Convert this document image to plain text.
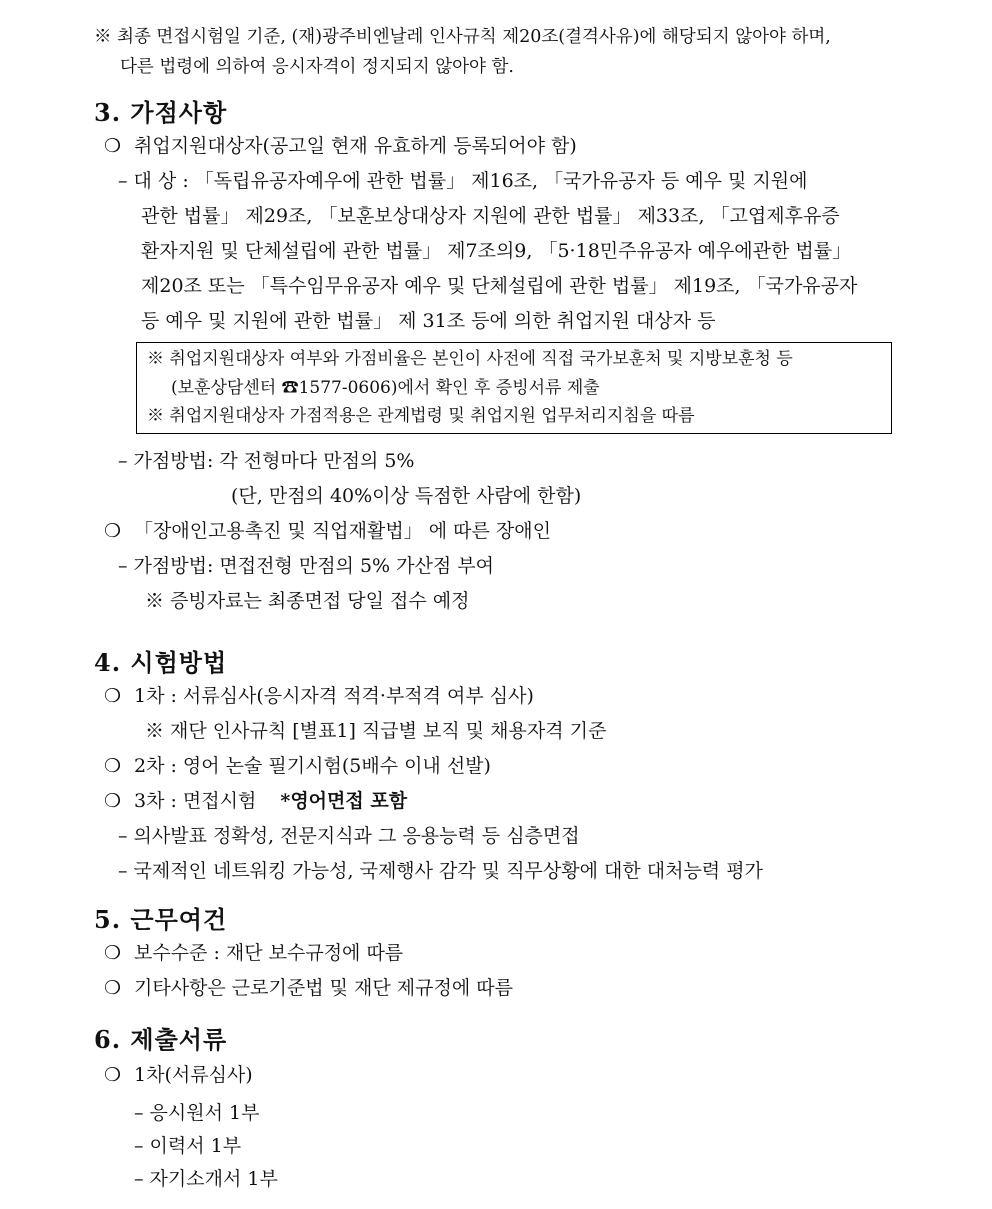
※ 최종 면접시험일 기준, (재)광주비엔날레 인사규칙 제20조(결격사유)에 해당되지 않아야 하며,
다른 법령에 의하여 응시자격이 정지되지 않아야 함.
3. 가점사항
❍ 취업지원대상자(공고일 현재 유효하게 등록되어야 함)
– 대 상 : 「독립유공자예우에 관한 법률」 제16조, 「국가유공자 등 예우 및 지원에
관한 법률」 제29조, 「보훈보상대상자 지원에 관한 법률」 제33조, 「고엽제후유증
환자지원 및 단체설립에 관한 법률」 제7조의9, 「5·18민주유공자 예우에관한 법률」
제20조 또는 「특수임무유공자 예우 및 단체설립에 관한 법률」 제19조, 「국가유공자
등 예우 및 지원에 관한 법률」 제 31조 등에 의한 취업지원 대상자 등
※ 취업지원대상자 여부와 가점비율은 본인이 사전에 직접 국가보훈처 및 지방보훈청 등
(보훈상담센터 ☎1577-0606)에서 확인 후 증빙서류 제출
※ 취업지원대상자 가점적용은 관계법령 및 취업지원 업무처리지침을 따름
– 가점방법: 각 전형마다 만점의 5%
(단, 만점의 40%이상 득점한 사람에 한함)
❍ 「장애인고용촉진 및 직업재활법」 에 따른 장애인
– 가점방법: 면접전형 만점의 5% 가산점 부여
※ 증빙자료는 최종면접 당일 접수 예정
4. 시험방법
❍ 1차 : 서류심사(응시자격 적격·부적격 여부 심사)
※ 재단 인사규칙 [별표1] 직급별 보직 및 채용자격 기준
❍ 2차 : 영어 논술 필기시험(5배수 이내 선발)
❍ 3차 : 면접시험 *영어면접 포함
– 의사발표 정확성, 전문지식과 그 응용능력 등 심층면접
– 국제적인 네트워킹 가능성, 국제행사 감각 및 직무상황에 대한 대처능력 평가
5. 근무여건
❍ 보수수준 : 재단 보수규정에 따름
❍ 기타사항은 근로기준법 및 재단 제규정에 따름
6. 제출서류
❍ 1차(서류심사)
– 응시원서 1부
– 이력서 1부
– 자기소개서 1부
